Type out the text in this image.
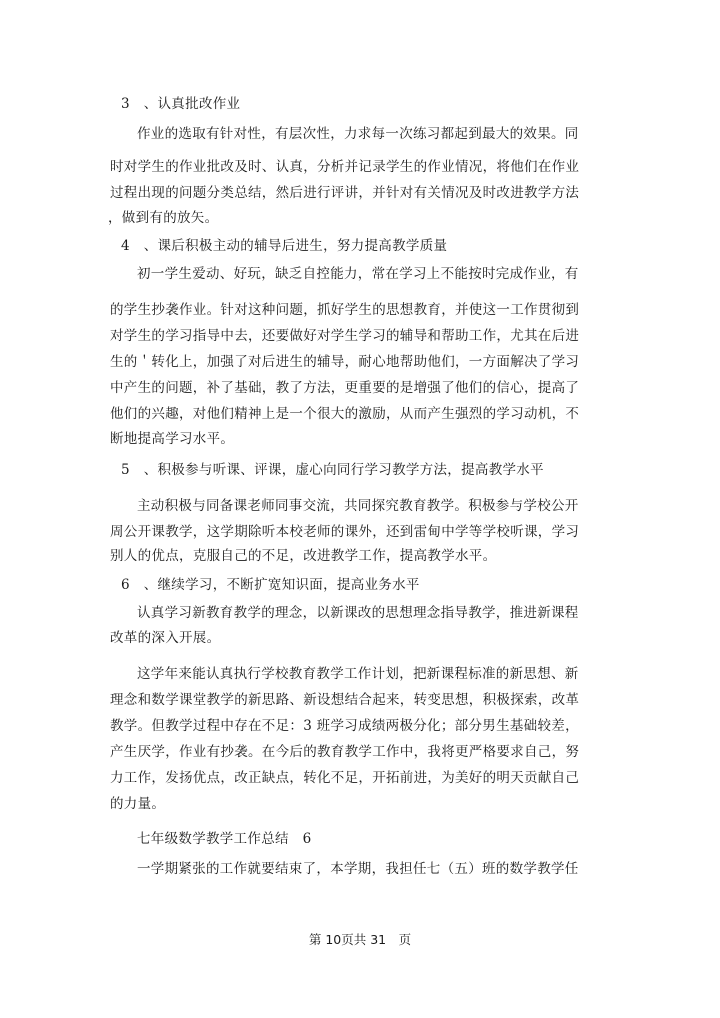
3　、认真批改作业
作业的选取有针对性，有层次性，力求每一次练习都起到最大的效果。同
时对学生的作业批改及时、认真，分析并记录学生的作业情况，将他们在作业
过程出现的问题分类总结，然后进行评讲，并针对有关情况及时改进教学方法
，做到有的放矢。
4　、课后积极主动的辅导后进生，努力提高教学质量
初一学生爱动、好玩，缺乏自控能力，常在学习上不能按时完成作业，有
的学生抄袭作业。针对这种问题，抓好学生的思想教育，并使这一工作贯彻到
对学生的学习指导中去，还要做好对学生学习的辅导和帮助工作，尤其在后进
生的＇转化上，加强了对后进生的辅导，耐心地帮助他们，一方面解决了学习
中产生的问题，补了基础，教了方法，更重要的是增强了他们的信心，提高了
他们的兴趣，对他们精神上是一个很大的激励，从而产生强烈的学习动机，不
断地提高学习水平。
5　、积极参与听课、评课，虚心向同行学习教学方法，提高教学水平
主动积极与同备课老师同事交流，共同探究教育教学。积极参与学校公开
周公开课教学，这学期除听本校老师的课外，还到雷甸中学等学校听课，学习
别人的优点，克服自己的不足，改进教学工作，提高教学水平。
6　、继续学习，不断扩宽知识面，提高业务水平
认真学习新教育教学的理念，以新课改的思想理念指导教学，推进新课程
改革的深入开展。
这学年来能认真执行学校教育教学工作计划，把新课程标准的新思想、新
理念和数学课堂教学的新思路、新设想结合起来，转变思想，积极探索，改革
教学。但教学过程中存在不足：3 班学习成绩两极分化；部分男生基础较差，
产生厌学，作业有抄袭。在今后的教育教学工作中，我将更严格要求自己，努
力工作，发扬优点，改正缺点，转化不足，开拓前进，为美好的明天贡献自己
的力量。
七年级数学教学工作总结　6
一学期紧张的工作就要结束了，本学期，我担任七（五）班的数学教学任
第 10页共 31　页
